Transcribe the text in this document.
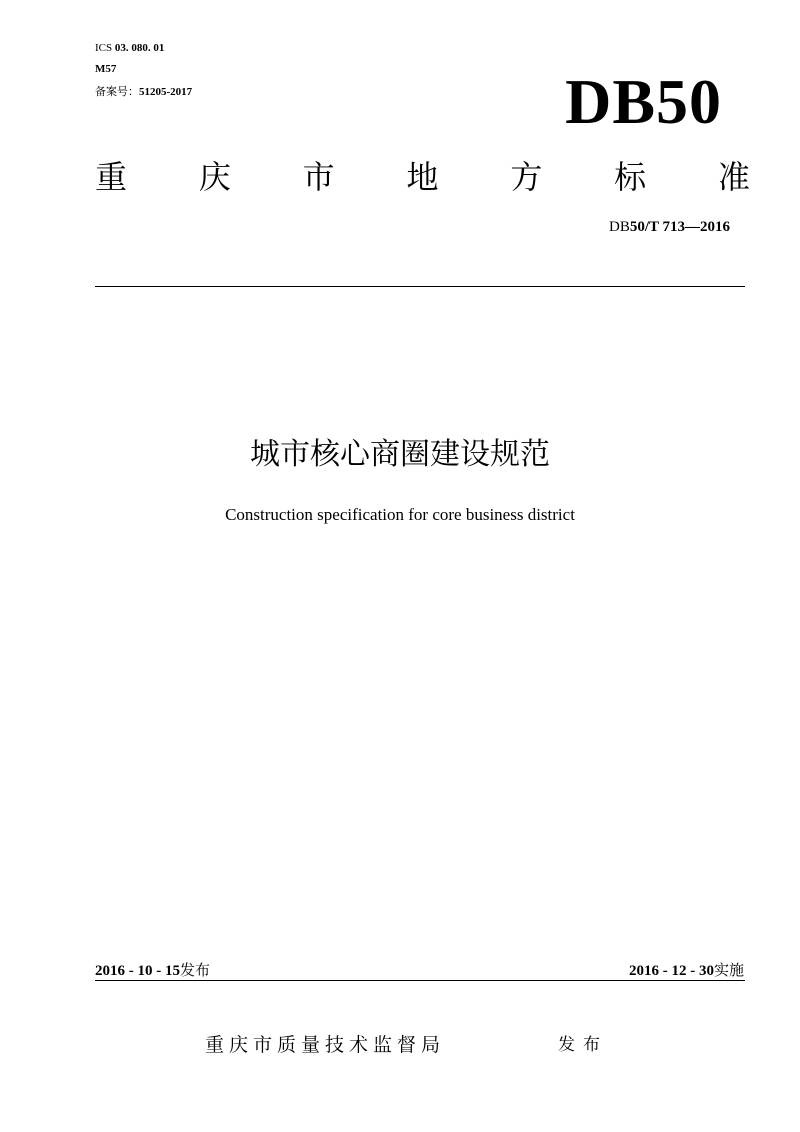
ICS 03. 080. 01
M57
备案号：51205-2017	DB50
重 庆 市 地 方 标 准
DB50/T 713—2016
城市核心商圈建设规范
Construction specification for core business district
2016 - 10 - 15发布	2016 - 12 - 30实施
重庆市质量技术监督局	发布
